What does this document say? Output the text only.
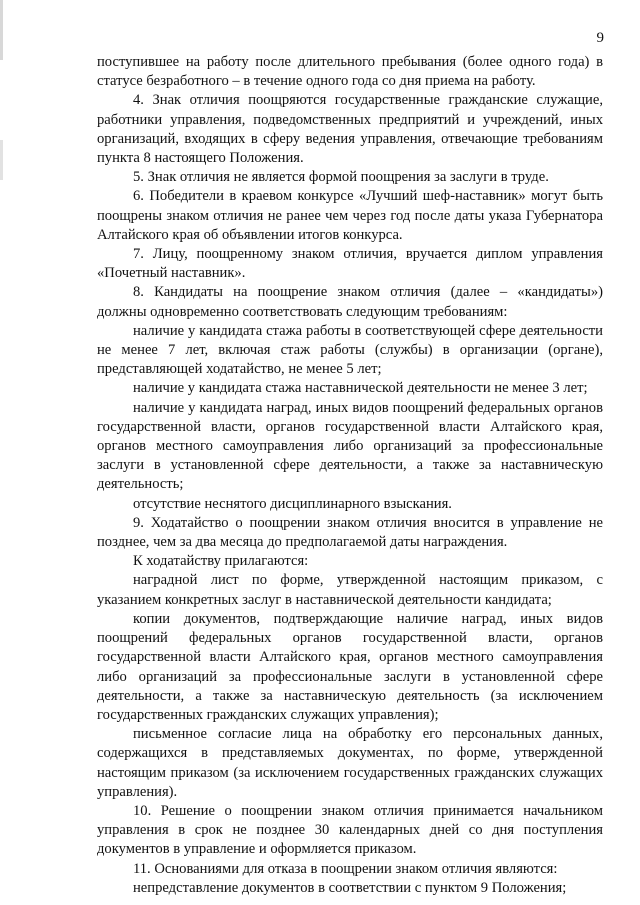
9

поступившее на работу после длительного пребывания (более одного года) в статусе безработного – в течение одного года со дня приема на работу.

4. Знак отличия поощряются государственные гражданские служащие, работники управления, подведомственных предприятий и учреждений, иных организаций, входящих в сферу ведения управления, отвечающие требованиям пункта 8 настоящего Положения.

5. Знак отличия не является формой поощрения за заслуги в труде.

6. Победители в краевом конкурсе «Лучший шеф-наставник» могут быть поощрены знаком отличия не ранее чем через год после даты указа Губернатора Алтайского края об объявлении итогов конкурса.

7. Лицу, поощренному знаком отличия, вручается диплом управления «Почетный наставник».

8. Кандидаты на поощрение знаком отличия (далее – «кандидаты») должны одновременно соответствовать следующим требованиям:

наличие у кандидата стажа работы в соответствующей сфере деятельности не менее 7 лет, включая стаж работы (службы) в организации (органе), представляющей ходатайство, не менее 5 лет;

наличие у кандидата стажа наставнической деятельности не менее 3 лет;

наличие у кандидата наград, иных видов поощрений федеральных органов государственной власти, органов государственной власти Алтайского края, органов местного самоуправления либо организаций за профессиональные заслуги в установленной сфере деятельности, а также за наставническую деятельность;

отсутствие неснятого дисциплинарного взыскания.

9. Ходатайство о поощрении знаком отличия вносится в управление не позднее, чем за два месяца до предполагаемой даты награждения.

К ходатайству прилагаются:

наградной лист по форме, утвержденной настоящим приказом, с указанием конкретных заслуг в наставнической деятельности кандидата;

копии документов, подтверждающие наличие наград, иных видов поощрений федеральных органов государственной власти, органов государственной власти Алтайского края, органов местного самоуправления либо организаций за профессиональные заслуги в установленной сфере деятельности, а также за наставническую деятельность (за исключением государственных гражданских служащих управления);

письменное согласие лица на обработку его персональных данных, содержащихся в представляемых документах, по форме, утвержденной настоящим приказом (за исключением государственных гражданских служащих управления).

10. Решение о поощрении знаком отличия принимается начальником управления в срок не позднее 30 календарных дней со дня поступления документов в управление и оформляется приказом.

11. Основаниями для отказа в поощрении знаком отличия являются:

непредставление документов в соответствии с пунктом 9 Положения;
